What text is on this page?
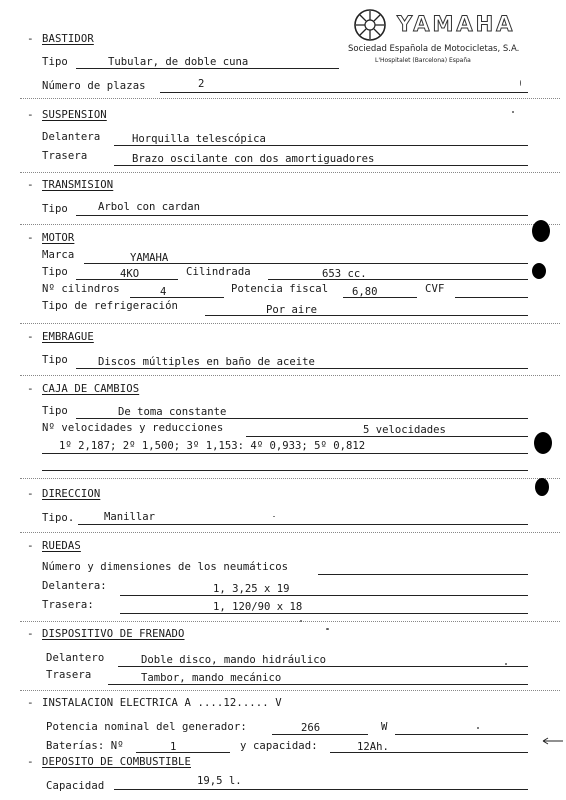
YAMAHA
Sociedad Española de Motocicletas, S.A.
L'Hospitalet (Barcelona) España
- BASTIDOR
Tipo	Tubular, de doble cuna
Número de plazas	2
- SUSPENSION
Delantera	Horquilla telescópica
Trasera	Brazo oscilante con dos amortiguadores
- TRANSMISION
Tipo	Arbol con cardan
- MOTOR
Marca	YAMAHA
Tipo	4KO	Cilindrada	653 cc.
Nº cilindros	4	Potencia fiscal 6,80	CVF
Tipo de refrigeración	Por aire
- EMBRAGUE
Tipo	Discos múltiples en baño de aceite
- CAJA DE CAMBIOS
Tipo	De toma constante
Nº velocidades y reducciones	5 velocidades
1º 2,187; 2º 1,500; 3º 1,153: 4º 0,933; 5º 0,812
- DIRECCION
Tipo.	Manillar
- RUEDAS
Número y dimensiones de los neumáticos
Delantera:	1, 3,25 x 19
Trasera:	1, 120/90 x 18
- DISPOSITIVO DE FRENADO
Delantero	Doble disco, mando hidráulico
Trasera	Tambor, mando mecánico
- INSTALACION ELECTRICA A ....12..... V
Potencia nominal del generador:	266	W
Baterías: Nº	1	y capacidad:	12Ah.
- DEPOSITO DE COMBUSTIBLE
Capacidad	19,5 l.
